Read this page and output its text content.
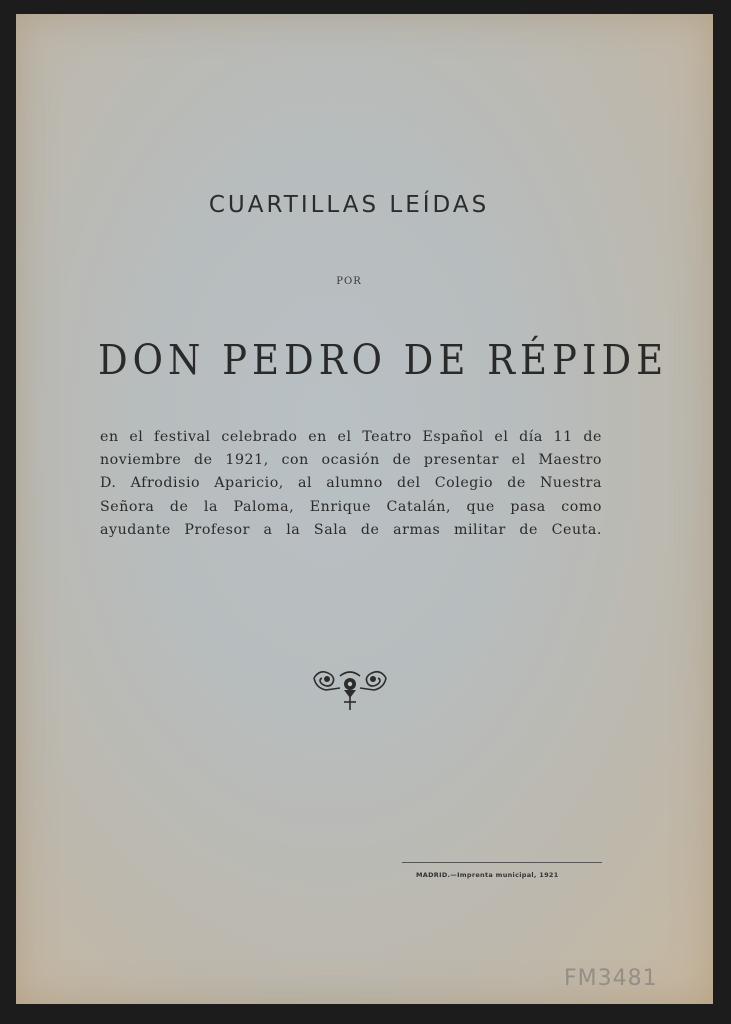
CUARTILLAS LEÍDAS
POR
DON PEDRO DE RÉPIDE
en el festival celebrado en el Teatro Español el día 11 de
noviembre de 1921, con ocasión de presentar el Maestro
D. Afrodisio Aparicio, al alumno del Colegio de Nuestra
Señora de la Paloma, Enrique Catalán, que pasa como
ayudante Profesor a la Sala de armas militar de Ceuta.
MADRID.—Imprenta municipal, 1921
FM3481
